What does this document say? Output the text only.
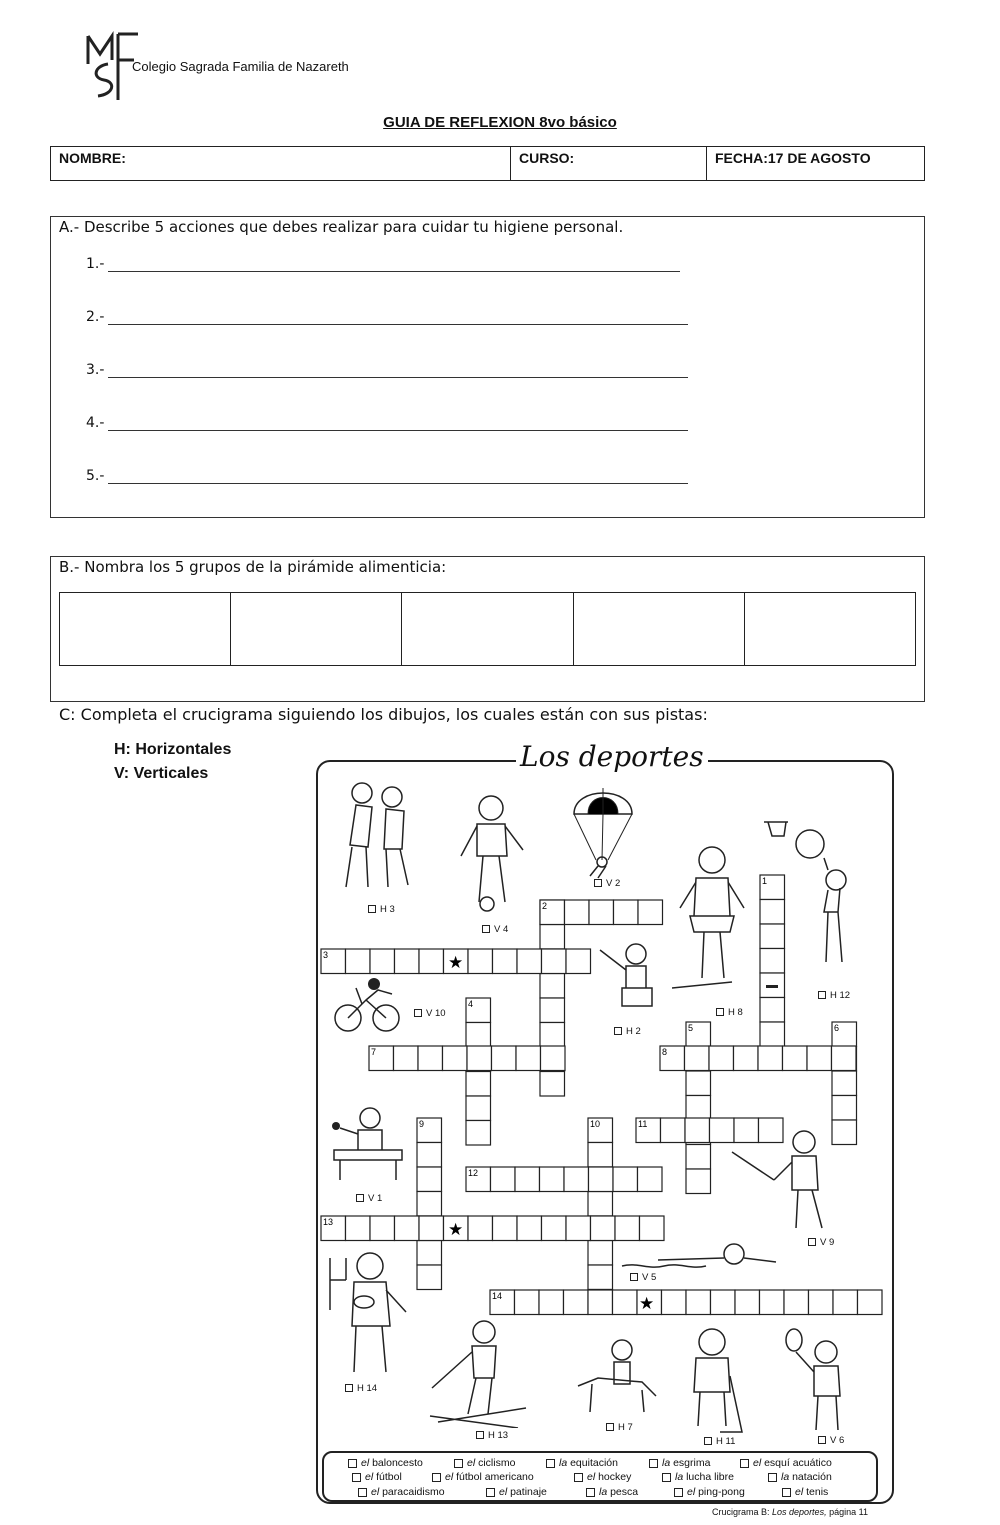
Colegio Sagrada Familia de Nazareth
GUIA DE REFLEXION 8vo básico
NOMBRE:	CURSO:	FECHA:17 DE AGOSTO
A.- Describe 5 acciones que debes realizar para cuidar tu higiene personal.
1.-
2.-
3.-
4.-
5.-
B.- Nombra los 5 grupos de la pirámide alimenticia:
C: Completa el crucigrama siguiendo los dibujos, los cuales están con sus pistas:
H: Horizontales
V: Verticales
Los deportes
1
2
3
4
5	6
7	8
9	10	11
12
13
14
★
★
★
H 3
V 4
V 2
H 8
H 12
V 10
H 2
V 1
V 9
V 5
H 14
H 13
H 7
H 11	V 6
el baloncesto	el ciclismo	la equitación	la esgrima	el esquí acuático
el fútbol	el fútbol americano	el hockey	la lucha libre	la natación
el paracaidismo	el patinaje	la pesca	el ping-pong	el tenis
Crucigrama B: Los deportes, página 11
